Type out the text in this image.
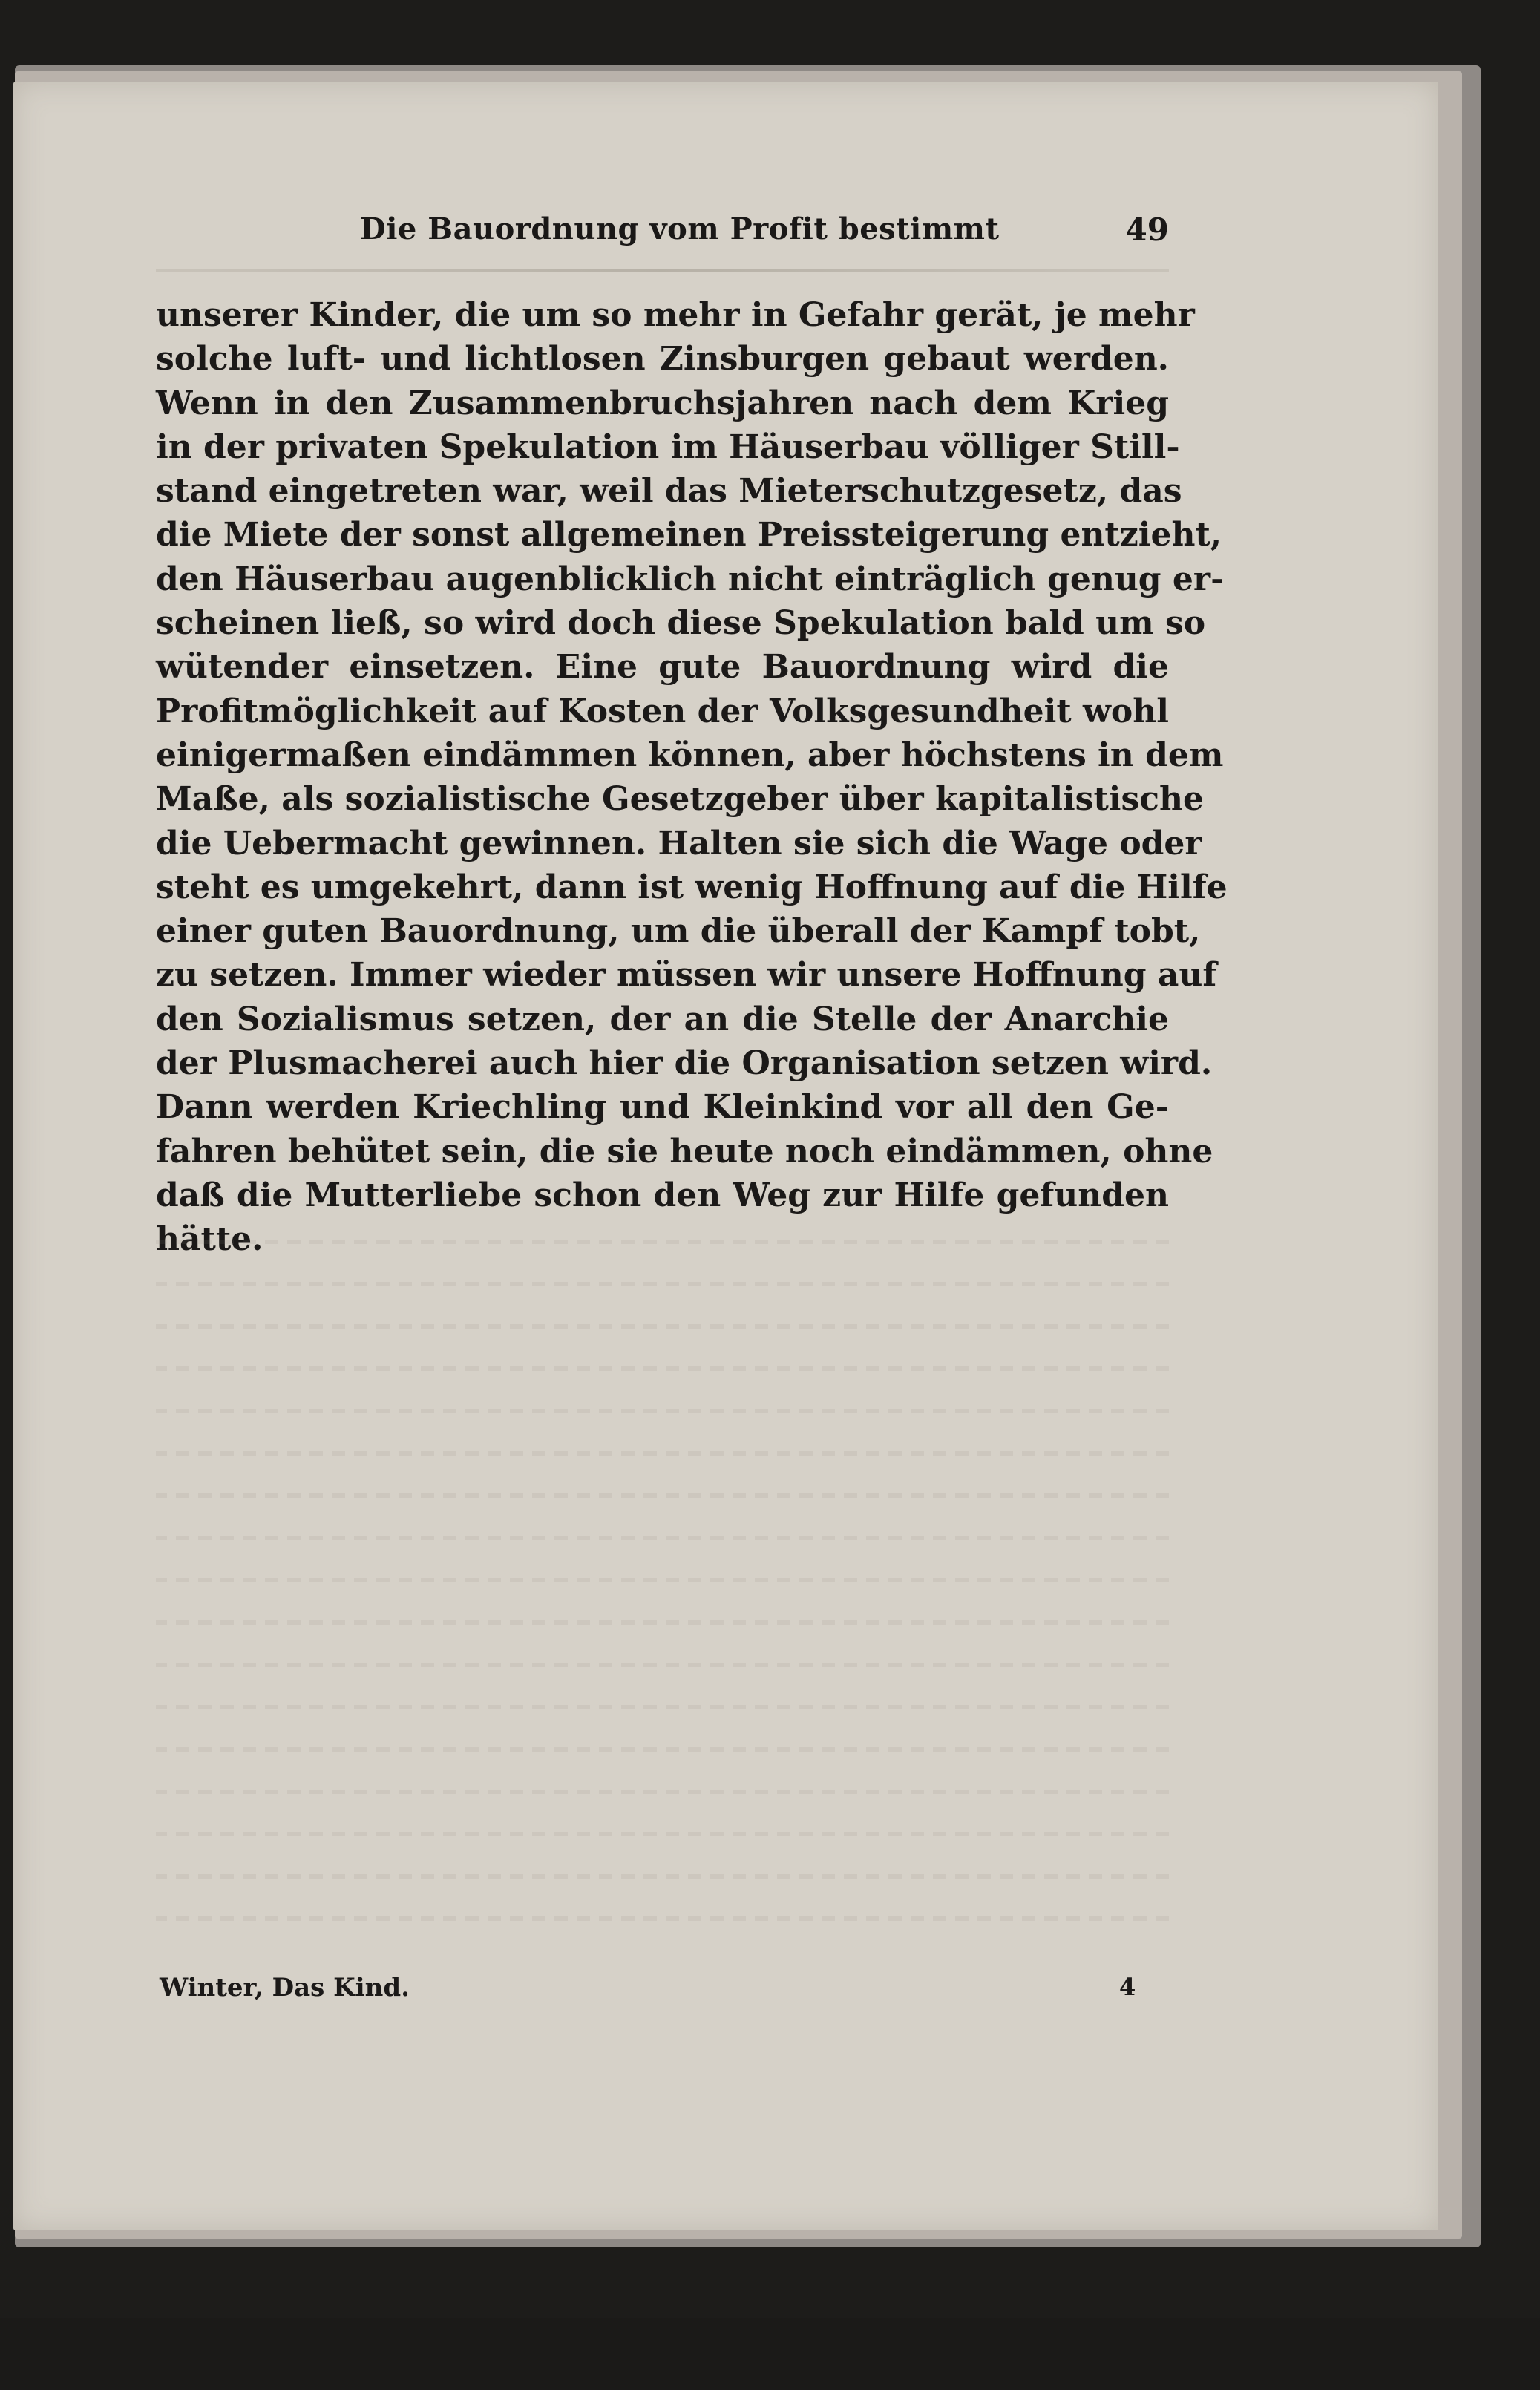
Die Bauordnung vom Profit bestimmt	49
unserer Kinder, die um so mehr in Gefahr gerät, je mehr
solche luft- und lichtlosen Zinsburgen gebaut werden.
Wenn in den Zusammenbruchsjahren nach dem Krieg
in der privaten Spekulation im Häuserbau völliger Still-
stand eingetreten war, weil das Mieterschutzgesetz, das
die Miete der sonst allgemeinen Preissteigerung entzieht,
den Häuserbau augenblicklich nicht einträglich genug er-
scheinen ließ, so wird doch diese Spekulation bald um so
wütender einsetzen. Eine gute Bauordnung wird die
Profitmöglichkeit auf Kosten der Volksgesundheit wohl
einigermaßen eindämmen können, aber höchstens in dem
Maße, als sozialistische Gesetzgeber über kapitalistische
die Uebermacht gewinnen. Halten sie sich die Wage oder
steht es umgekehrt, dann ist wenig Hoffnung auf die Hilfe
einer guten Bauordnung, um die überall der Kampf tobt,
zu setzen. Immer wieder müssen wir unsere Hoffnung auf
den Sozialismus setzen, der an die Stelle der Anarchie
der Plusmacherei auch hier die Organisation setzen wird.
Dann werden Kriechling und Kleinkind vor all den Ge-
fahren behütet sein, die sie heute noch eindämmen, ohne
daß die Mutterliebe schon den Weg zur Hilfe gefunden
hätte.
Winter, Das Kind.	4
